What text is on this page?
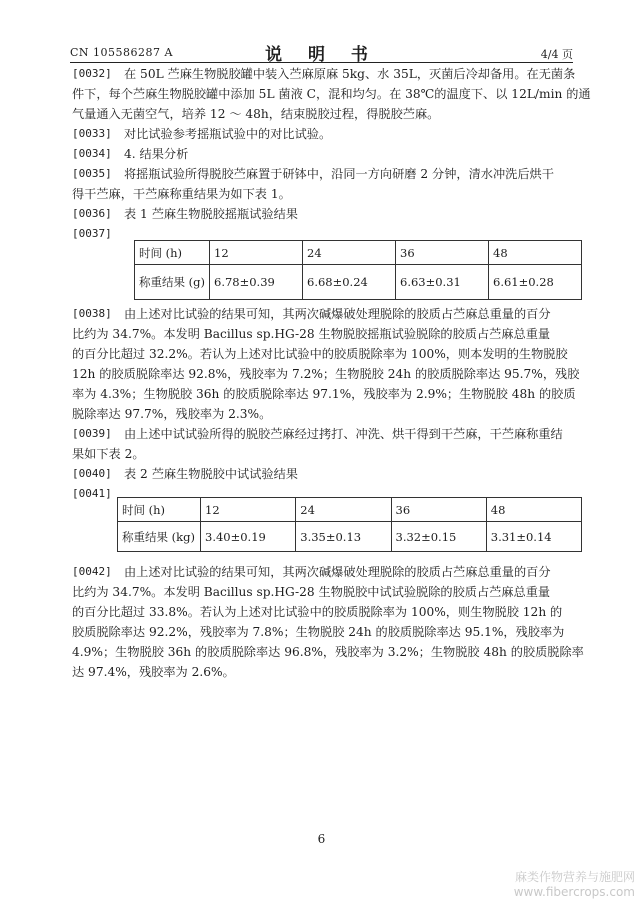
CN 105586287 A	说 明 书	4/4 页
[0032]	在 50L 苎麻生物脱胶罐中装入苎麻原麻 5kg、水 35L，灭菌后冷却备用。在无菌条
件下，每个苎麻生物脱胶罐中添加 5L 菌液 C，混和均匀。在 38℃的温度下、以 12L/min 的通
气量通入无菌空气，培养 12 ～ 48h，结束脱胶过程，得脱胶苎麻。
[0033]	对比试验参考摇瓶试验中的对比试验。
[0034]	4. 结果分析
[0035]	将摇瓶试验所得脱胶苎麻置于研钵中，沿同一方向研磨 2 分钟，清水冲洗后烘干
得干苎麻，干苎麻称重结果为如下表 1。
[0036]	表 1 苎麻生物脱胶摇瓶试验结果
[0037]
时间 (h)	12	24	36	48
称重结果 (g)	6.78±0.39	6.68±0.24	6.63±0.31	6.61±0.28
[0038]	由上述对比试验的结果可知，其两次碱爆破处理脱除的胶质占苎麻总重量的百分
比约为 34.7%。本发明 Bacillus sp.HG-28 生物脱胶摇瓶试验脱除的胶质占苎麻总重量
的百分比超过 32.2%。若认为上述对比试验中的胶质脱除率为 100%，则本发明的生物脱胶
12h 的胶质脱除率达 92.8%，残胶率为 7.2%；生物脱胶 24h 的胶质脱除率达 95.7%，残胶
率为 4.3%；生物脱胶 36h 的胶质脱除率达 97.1%，残胶率为 2.9%；生物脱胶 48h 的胶质
脱除率达 97.7%，残胶率为 2.3%。
[0039]	由上述中试试验所得的脱胶苎麻经过拷打、冲洗、烘干得到干苎麻，干苎麻称重结
果如下表 2。
[0040]	表 2 苎麻生物脱胶中试试验结果
[0041]
时间 (h)	12	24	36	48
称重结果 (kg)	3.40±0.19	3.35±0.13	3.32±0.15	3.31±0.14
[0042]	由上述对比试验的结果可知，其两次碱爆破处理脱除的胶质占苎麻总重量的百分
比约为 34.7%。本发明 Bacillus sp.HG-28 生物脱胶中试试验脱除的胶质占苎麻总重量
的百分比超过 33.8%。若认为上述对比试验中的胶质脱除率为 100%，则生物脱胶 12h 的
胶质脱除率达 92.2%，残胶率为 7.8%；生物脱胶 24h 的胶质脱除率达 95.1%，残胶率为
4.9%；生物脱胶 36h 的胶质脱除率达 96.8%，残胶率为 3.2%；生物脱胶 48h 的胶质脱除率
达 97.4%，残胶率为 2.6%。
6
麻类作物营养与施肥网
www.fibercrops.com
